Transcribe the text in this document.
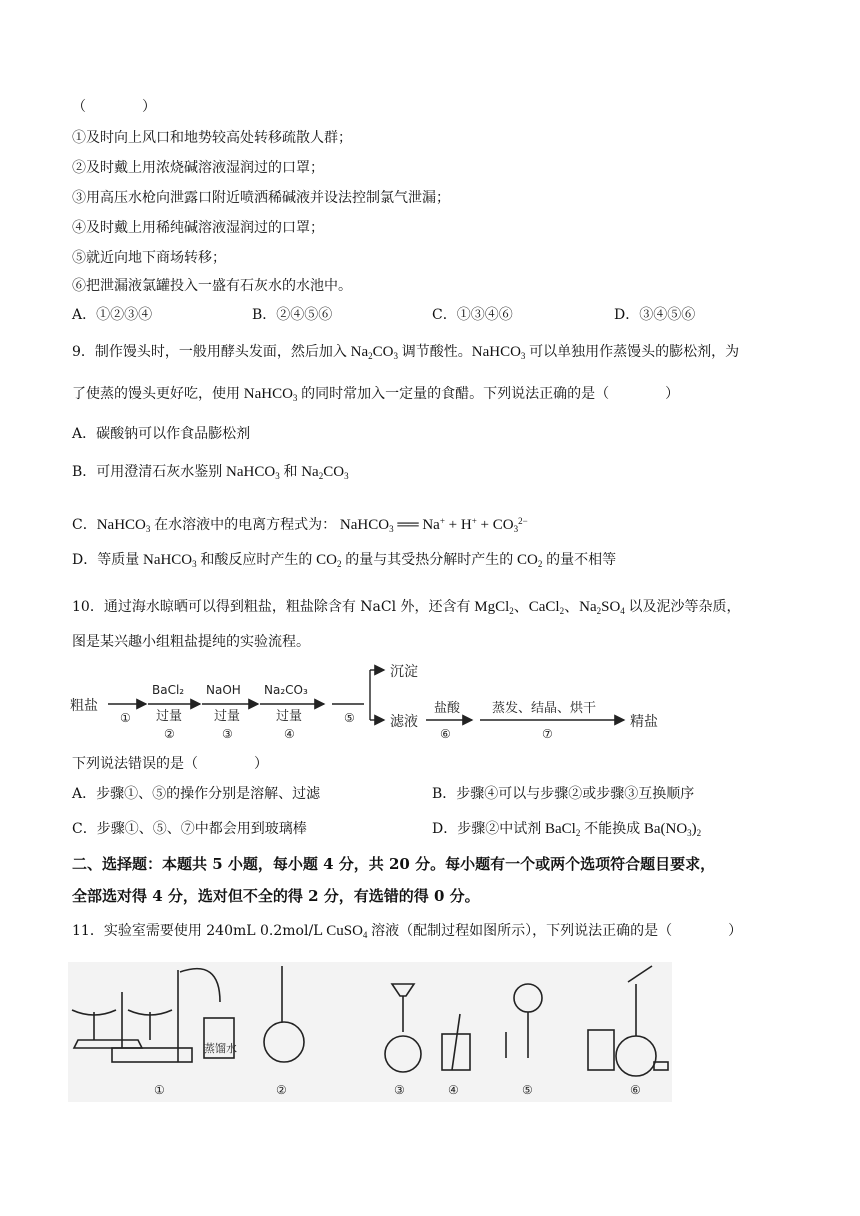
（　　　　）
①及时向上风口和地势较高处转移疏散人群；
②及时戴上用浓烧碱溶液湿润过的口罩；
③用高压水枪向泄露口附近喷洒稀碱液并设法控制氯气泄漏；
④及时戴上用稀纯碱溶液湿润过的口罩；
⑤就近向地下商场转移；
⑥把泄漏液氯罐投入一盛有石灰水的水池中。
A．①②③④	B．②④⑤⑥	C．①③④⑥	D．③④⑤⑥
9．制作馒头时，一般用酵头发面，然后加入 $Na_2CO_3$ 调节酸性。NaHCO$_3$ 可以单独用作蒸馒头的膨松剂，为
了使蒸的馒头更好吃，使用 NaHCO$_3$ 的同时常加入一定量的食醋。下列说法正确的是（　　　　）
A．碳酸钠可以作食品膨松剂
B．可用澄清石灰水鉴别 NaHCO$_3$ 和 $Na_2CO_3$
C．NaHCO$_3$ 在水溶液中的电离方程式为： NaHCO$_3$ ══ $Na^+ + H^+ + CO_3^{2-}$
D．等质量 NaHCO$_3$ 和酸反应时产生的 $CO_2$ 的量与其受热分解时产生的 $CO_2$ 的量不相等
10．通过海水晾晒可以得到粗盐，粗盐除含有 NaCl 外，还含有 MgCl$_2$、CaCl$_2$、$Na_2SO_4$ 以及泥沙等杂质，
图是某兴趣小组粗盐提纯的实验流程。
粗盐
①
BaCl₂
过量
②
NaOH
过量
③
Na₂CO₃
过量
④
⑤
沉淀
滤液
盐酸
⑥
蒸发、结晶、烘干
⑦
精盐
下列说法错误的是（　　　　）
A．步骤①、⑤的操作分别是溶解、过滤	B．步骤④可以与步骤②或步骤③互换顺序
C．步骤①、⑤、⑦中都会用到玻璃棒	D．步骤②中试剂 BaCl$_2$ 不能换成 $Ba(NO_3)_2$
二、选择题：本题共 5 小题，每小题 4 分，共 20 分。每小题有一个或两个选项符合题目要求，
全部选对得 4 分，选对但不全的得 2 分，有选错的得 0 分。
11．实验室需要使用 240mL 0.2mol/L CuSO$_4$ 溶液（配制过程如图所示），下列说法正确的是（　　　　）
蒸馏水
①	②	③	④	⑤	⑥
